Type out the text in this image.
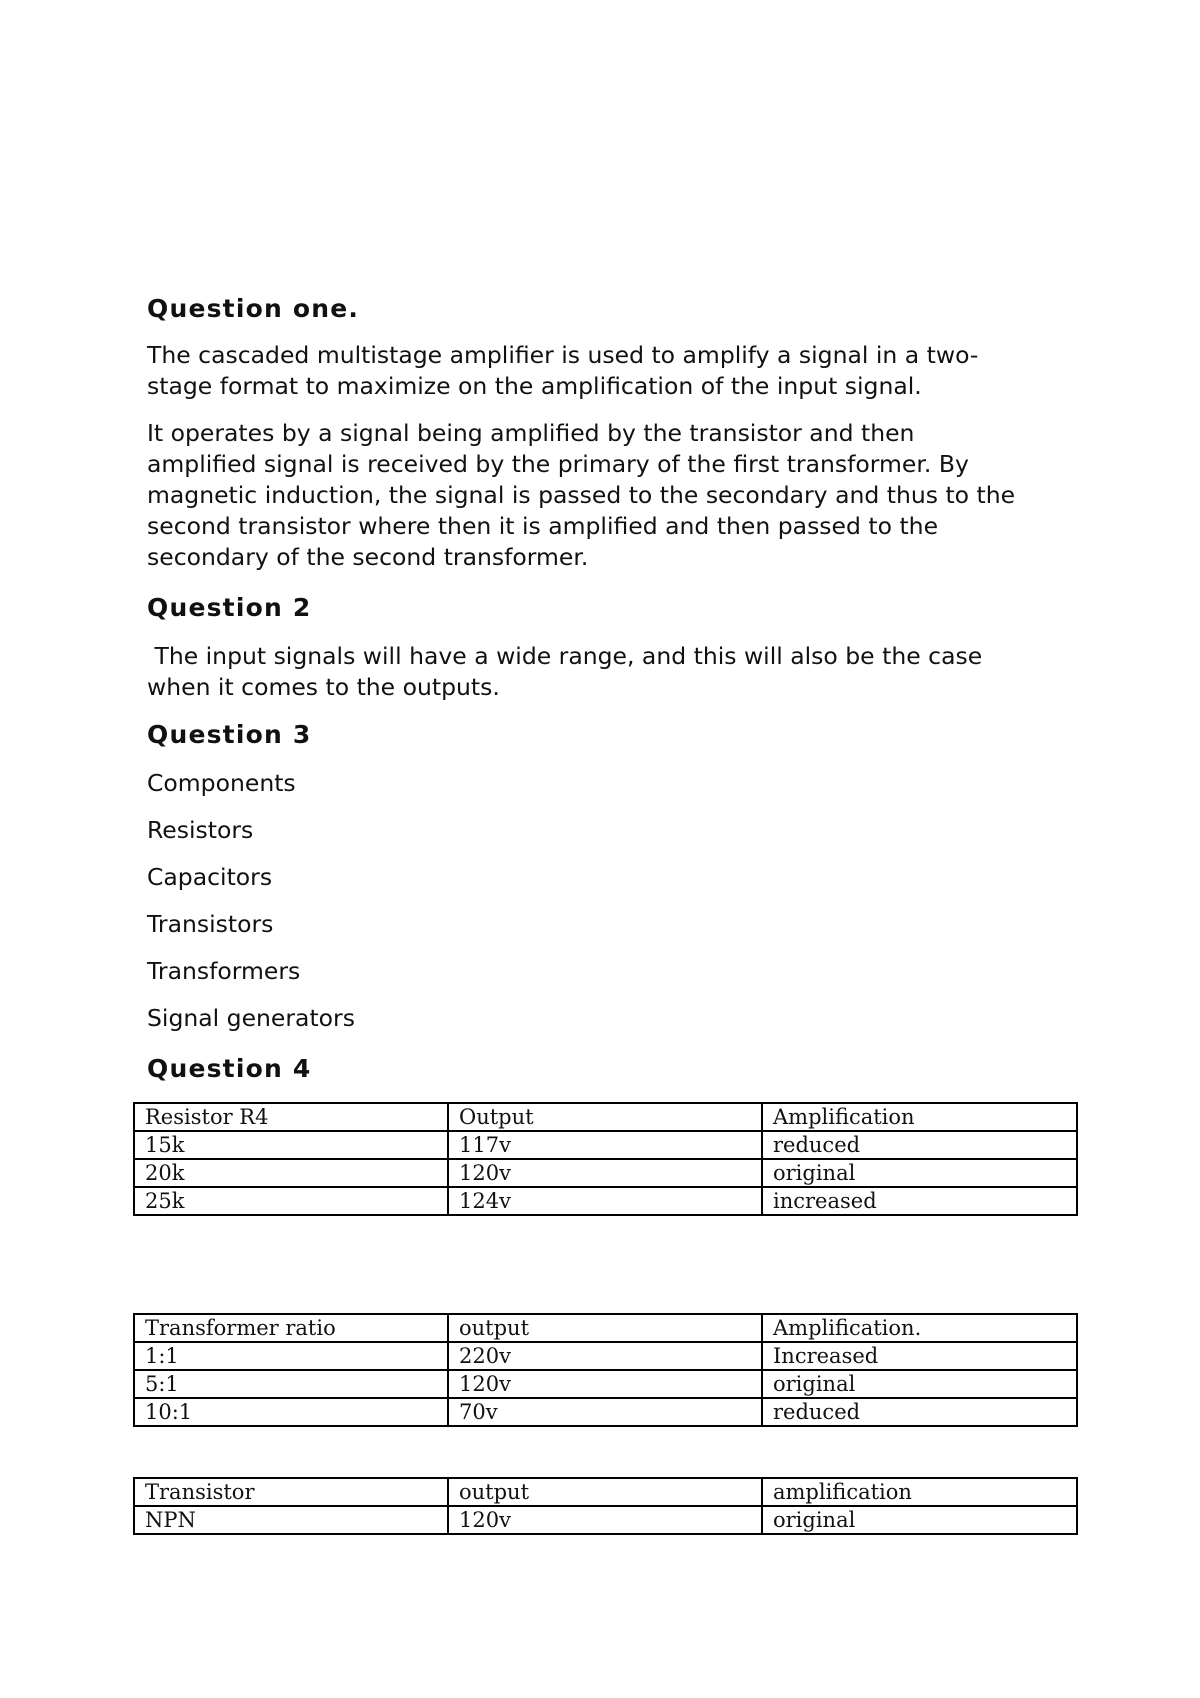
Question one.

The cascaded multistage amplifier is used to amplify a signal in a two-

stage format to maximize on the amplification of the input signal.

It operates by a signal being amplified by the transistor and then

amplified signal is received by the primary of the first transformer. By

magnetic induction, the signal is passed to the secondary and thus to the

second transistor where then it is amplified and then passed to the

secondary of the second transformer.

Question 2

The input signals will have a wide range, and this will also be the case

when it comes to the outputs.

Question 3

Components

Resistors

Capacitors

Transistors

Transformers

Signal generators

Question 4
Resistor R4	Output	Amplification
15k	117v	reduced
20k	120v	original
25k	124v	increased
Transformer ratio	output	Amplification.
1:1	220v	Increased
5:1	120v	original
10:1	70v	reduced
Transistor	output	amplification
NPN	120v	original
